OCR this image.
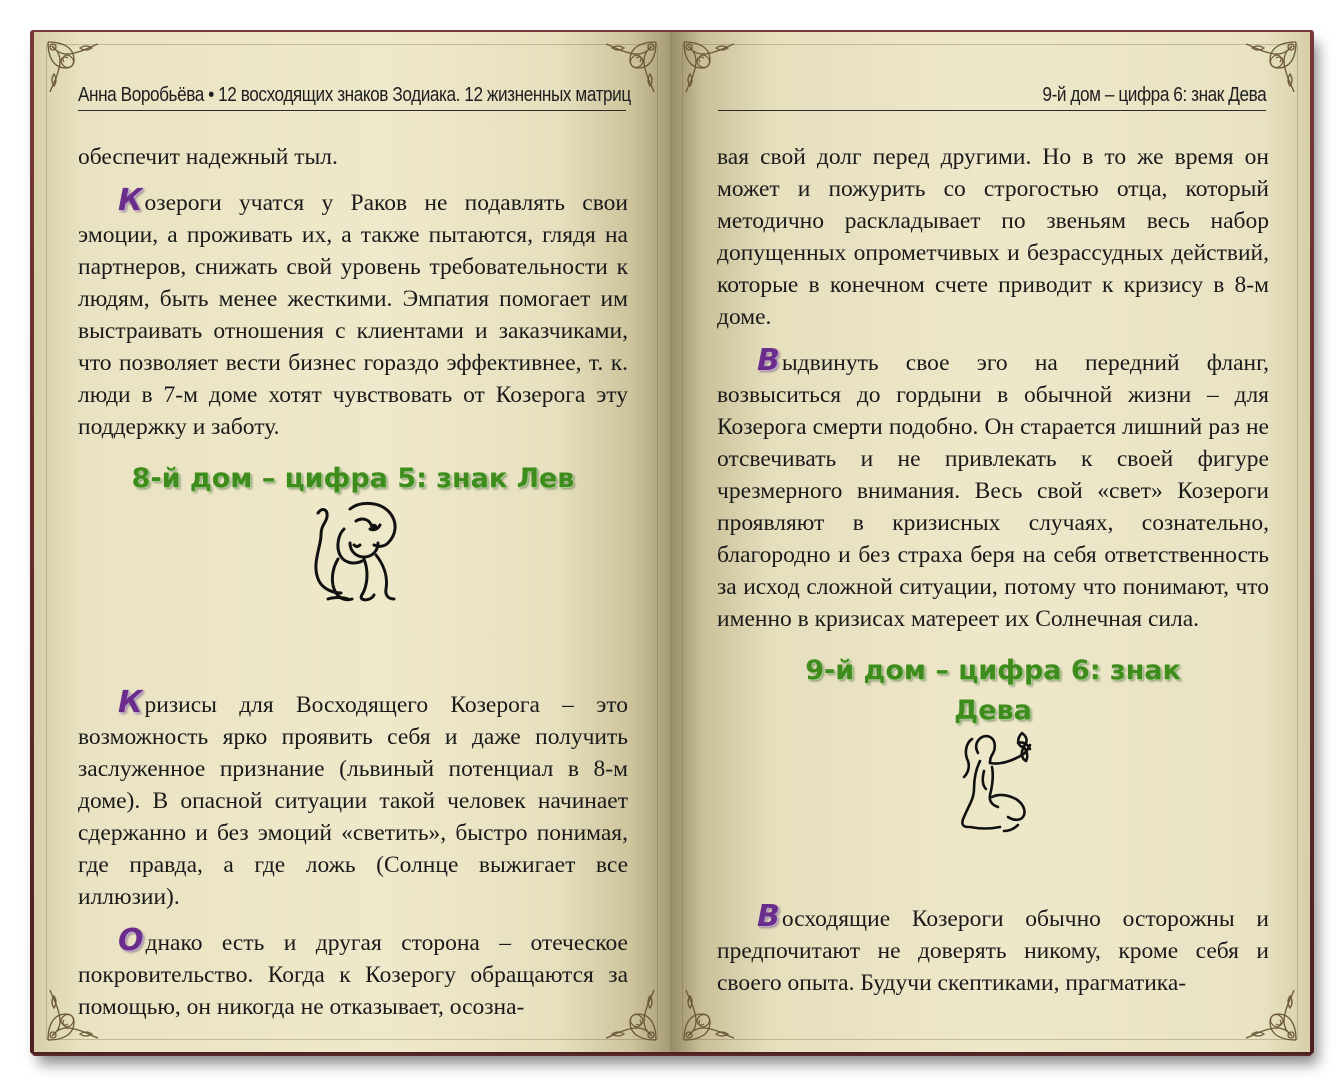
Анна Воробьёва • 12 восходящих знаков Зодиака. 12 жизненных матриц

обеспечит надежный тыл.

Козероги учатся у Раков не подавлять свои эмоции, а проживать их, а также пытаются, глядя на партнеров, снижать свой уровень требовательности к людям, быть менее жесткими. Эмпатия помогает им выстраивать отношения с клиентами и заказчиками, что позволяет вести бизнес гораздо эффективнее, т. к. люди в 7-м доме хотят чувствовать от Козерога эту поддержку и заботу.

8-й дом – цифра 5: знак Лев

Кризисы для Восходящего Козерога – это возможность ярко проявить себя и даже получить заслуженное признание (львиный потенциал в 8-м доме). В опасной ситуации такой человек начинает сдержанно и без эмоций «светить», быстро понимая, где правда, а где ложь (Солнце выжигает все иллюзии).

Однако есть и другая сторона – отеческое покровительство. Когда к Козерогу обращаются за помощью, он никогда не отказывает, осозна-

9-й дом – цифра 6: знак Дева

вая свой долг перед другими. Но в то же время он может и пожурить со строгостью отца, который методично раскладывает по звеньям весь набор допущенных опрометчивых и безрассудных действий, которые в конечном счете приводит к кризису в 8-м доме.

Выдвинуть свое эго на передний фланг, возвыситься до гордыни в обычной жизни – для Козерога смерти подобно. Он старается лишний раз не отсвечивать и не привлекать к своей фигуре чрезмерного внимания. Весь свой «свет» Козероги проявляют в кризисных случаях, сознательно, благородно и без страха беря на себя ответственность за исход сложной ситуации, потому что понимают, что именно в кризисах матереет их Солнечная сила.

9-й дом – цифра 6: знак
Дева

Восходящие Козероги обычно осторожны и предпочитают не доверять никому, кроме себя и своего опыта. Будучи скептиками, прагматика-
